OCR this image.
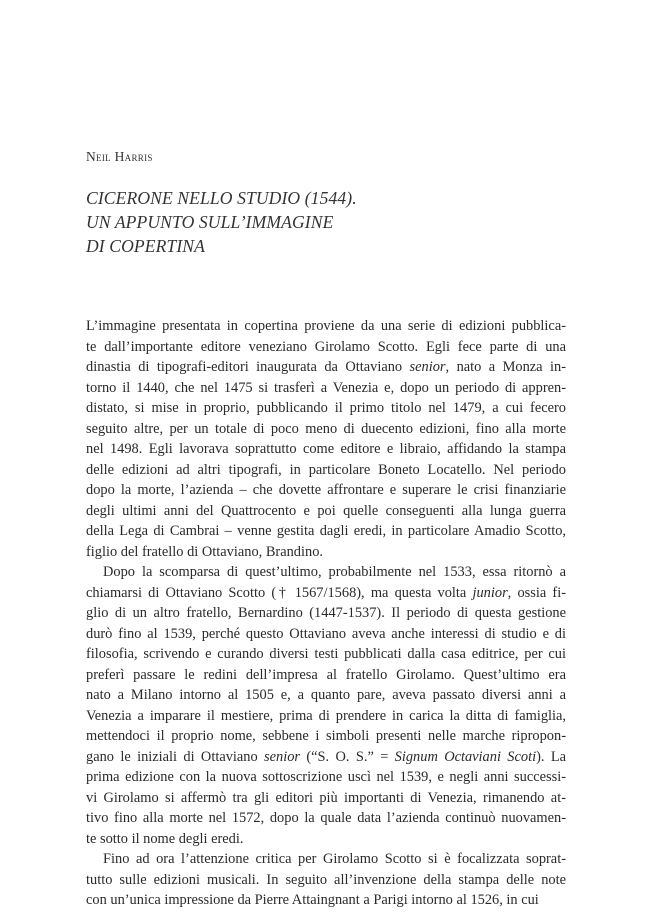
Neil Harris
CICERONE NELLO STUDIO (1544).
UN APPUNTO SULL’IMMAGINE
DI COPERTINA
L’immagine presentata in copertina proviene da una serie di edizioni pubblica-
te dall’importante editore veneziano Girolamo Scotto. Egli fece parte di una
dinastia di tipografi-editori inaugurata da Ottaviano senior, nato a Monza in-
torno il 1440, che nel 1475 si trasferì a Venezia e, dopo un periodo di appren-
distato, si mise in proprio, pubblicando il primo titolo nel 1479, a cui fecero
seguito altre, per un totale di poco meno di duecento edizioni, fino alla morte
nel 1498. Egli lavorava soprattutto come editore e libraio, affidando la stampa
delle edizioni ad altri tipografi, in particolare Boneto Locatello. Nel periodo
dopo la morte, l’azienda – che dovette affrontare e superare le crisi finanziarie
degli ultimi anni del Quattrocento e poi quelle conseguenti alla lunga guerra
della Lega di Cambrai – venne gestita dagli eredi, in particolare Amadio Scotto,
figlio del fratello di Ottaviano, Brandino.
Dopo la scomparsa di quest’ultimo, probabilmente nel 1533, essa ritornò a
chiamarsi di Ottaviano Scotto († 1567/1568), ma questa volta junior, ossia fi-
glio di un altro fratello, Bernardino (1447-1537). Il periodo di questa gestione
durò fino al 1539, perché questo Ottaviano aveva anche interessi di studio e di
filosofia, scrivendo e curando diversi testi pubblicati dalla casa editrice, per cui
preferì passare le redini dell’impresa al fratello Girolamo. Quest’ultimo era
nato a Milano intorno al 1505 e, a quanto pare, aveva passato diversi anni a
Venezia a imparare il mestiere, prima di prendere in carica la ditta di famiglia,
mettendoci il proprio nome, sebbene i simboli presenti nelle marche ripropon-
gano le iniziali di Ottaviano senior (“S. O. S.” = Signum Octaviani Scoti). La
prima edizione con la nuova sottoscrizione uscì nel 1539, e negli anni successi-
vi Girolamo si affermò tra gli editori più importanti di Venezia, rimanendo at-
tivo fino alla morte nel 1572, dopo la quale data l’azienda continuò nuovamen-
te sotto il nome degli eredi.
Fino ad ora l’attenzione critica per Girolamo Scotto si è focalizzata soprat-
tutto sulle edizioni musicali. In seguito all’invenzione della stampa delle note
con un’unica impressione da Pierre Attaingnant a Parigi intorno al 1526, in cui
